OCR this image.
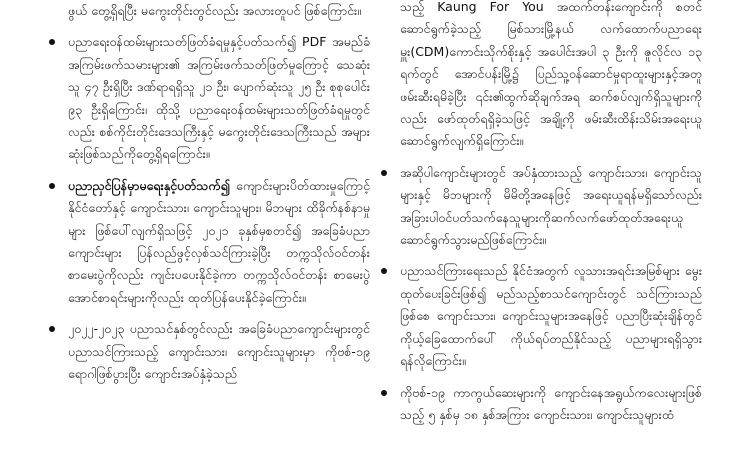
ဖွယ် တွေ့ရှိရပြီး မကွေးတိုင်းတွင်လည်း အလားတူပင် ဖြစ်ကြောင်း။
ပညာရေးဝန်ထမ်းများသတ်ဖြတ်ခံရမှုနှင့်ပတ်သက်၍ PDF အမည်ခံအကြမ်းဖက်သမားများ၏ အကြမ်းဖက်သတ်ဖြတ်မှုကြောင့် သေဆုံးသူ ၄၇ ဦးရှိပြီး ဒဏ်ရာရရှိသူ ၂၁ ဦး၊ ပျောက်ဆုံးသူ ၂၅ ဦး စုစုပေါင်း ၉၃ ဦးရှိကြောင်း၊ ထိုသို့ ပညာရေးဝန်ထမ်းများသတ်ဖြတ်ခံရမှုတွင်လည်း စစ်ကိုင်းတိုင်းဒေသကြီးနှင့် မကွေးတိုင်းဒေသကြီးသည် အများဆုံးဖြစ်သည်ကိုတွေ့ရှိရကြောင်း။
ပညာညှင်ပြန်မှာမရေးနှင့်ပတ်သက်၍ ကျောင်းများပိတ်ထားမှုကြောင့် နိုင်ငံတော်နှင့် ကျောင်းသား၊ ကျောင်းသူများ၊ မိဘများ ထိခိုက်နစ်နာမှုများ ဖြစ်ပေါ်လျက်ရှိသဖြင့် ၂၀၂၁ ခုနှစ်မှစတင်၍ အခြေခံပညာကျောင်းများ ပြန်လည်ဖွင့်လှစ်သင်ကြားခဲ့ပြီး တက္ကသိုလ်ဝင်တန်းစာမေးပွဲကိုလည်း ကျင်းပပေးနိုင်ခဲ့ကာ တက္ကသိုလ်ဝင်တန်း စာမေးပွဲအောင်စာရင်းများကိုလည်း ထုတ်ပြန်ပေးနိုင်ခဲ့ကြောင်း။
၂၀၂၂-၂၀၂၃ ပညာသင်နှစ်တွင်လည်း အခြေခံပညာကျောင်းများတွင် ပညာသင်ကြားသည့် ကျောင်းသား၊ ကျောင်းသူများမှာ ကိုဗစ်-၁၉ ရောဂါဖြစ်ပွားပြီး ကျောင်းအပ်နှံခဲ့သည်
သည့် Kaung For You အထက်တန်းကျောင်းကို စတင်ဆောင်ရွက်ခဲ့သည့် မြစ်သားမြို့နယ် လက်ထောက်ပညာရေးမှူး(CDM)ကောင်းသိုက်စိုးနှင့် အပေါင်းအပါ ၃ ဦးကို ဇူလိုင်လ ၁၃ ရက်တွင် အောင်ပန်းမြို့၌ ပြည်သူ့ဝန်ဆောင်မှုရာထူးများနှင့်အတူ ဖမ်းဆီးရမိခဲ့ပြီး ၎င်း၏ထွက်ဆိုချက်အရ ဆက်စပ်လျက်ရှိသူများကိုလည်း ဖော်ထုတ်ရရှိခဲ့သဖြင့် အချို့ကို ဖမ်းဆီးထိန်းသိမ်းအရေးယူဆောင်ရွက်လျက်ရှိကြောင်း။
အဆိုပါကျောင်းများတွင် အပ်နှံထားသည့် ကျောင်းသား၊ ကျောင်းသူများနှင့် မိဘများကို မိမိတို့အနေဖြင့် အရေးယူရန်မရှိသော်လည်း အခြားပါဝင်ပတ်သက်နေသူများကိုဆက်လက်ဖော်ထုတ်အရေးယူ ဆောင်ရွက်သွားမည်ဖြစ်ကြောင်း။
ပညာသင်ကြားရေးသည် နိုင်ငံအတွက် လူသားအရင်းအမြစ်များ မွေးထုတ်ပေးခြင်းဖြစ်၍ မည်သည့်စာသင်ကျောင်းတွင် သင်ကြားသည်ဖြစ်စေ ကျောင်းသား၊ ကျောင်းသူများအနေဖြင့် ပညာပြီးဆုံးချိန်တွင် ကိုယ့်ခြေထောက်ပေါ် ကိုယ်ရပ်တည်နိုင်သည့် ပညာများရရှိသွားရန်လိုကြောင်း။
ကိုဗစ်-၁၉ ကာကွယ်ဆေးများကို ကျောင်းနေအရွယ်ကလေးများဖြစ်သည့် ၅ နှစ်မှ ၁၈ နှစ်အကြား ကျောင်းသား၊ ကျောင်းသူများထံ
